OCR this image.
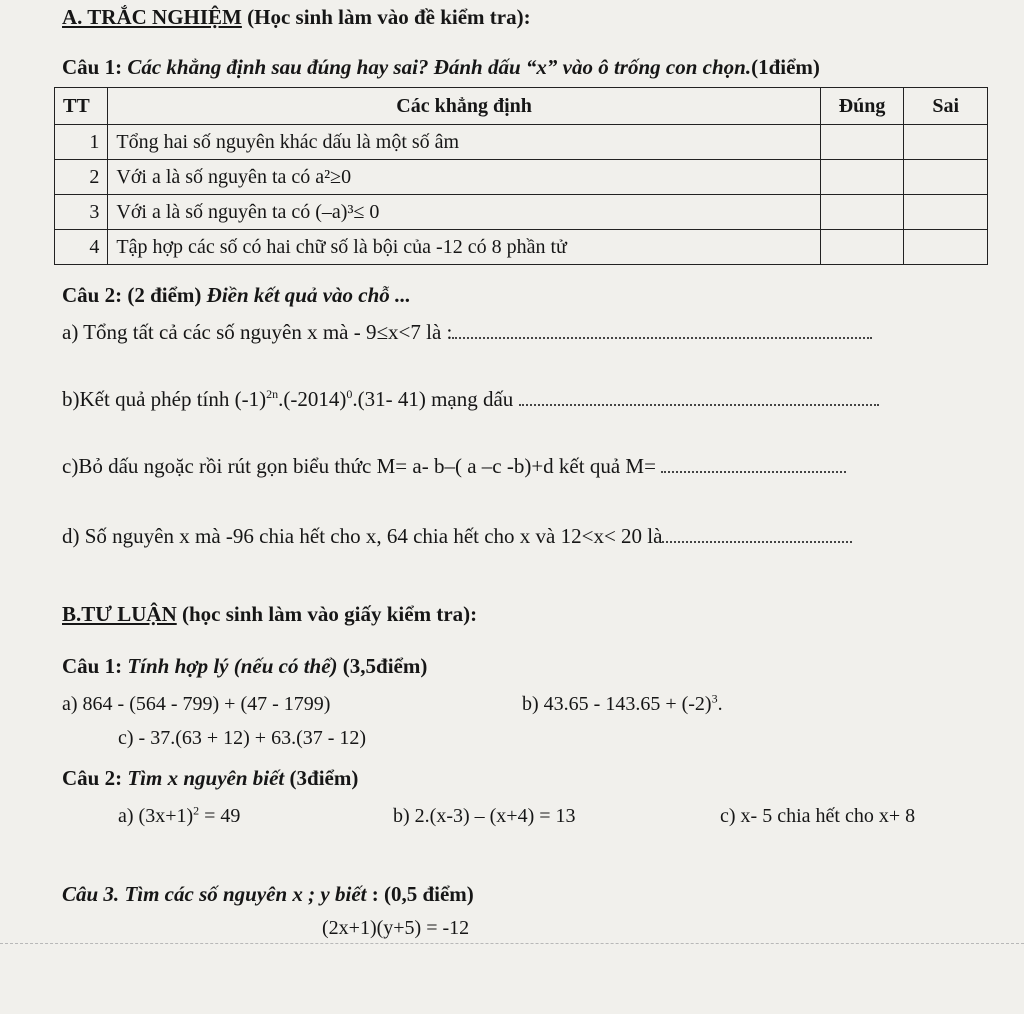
A. TRẮC NGHIỆM (Học sinh làm vào đề kiểm tra):
Câu 1: Các khẳng định sau đúng hay sai? Đánh dấu “x” vào ô trống con chọn.(1điểm)
TT	Các khẳng định	Đúng	Sai
1	Tổng hai số nguyên khác dấu là một số âm		
2	Với a là số nguyên ta có a²≥0		
3	Với a là số nguyên ta có (–a)³≤ 0		
4	Tập hợp các số có hai chữ số là bội của -12 có 8 phần tử		
Câu 2: (2 điểm) Điền kết quả vào chỗ ...
a) Tổng tất cả các số nguyên x mà - 9≤x<7 là :
b)Kết quả phép tính $(-1)^{2n}.(-2014)^0.(31-$ 41) mạng dấu
c)Bỏ dấu ngoặc rồi rút gọn biểu thức M= a- b–( a –c -b)+d kết quả M=
d) Số nguyên x mà -96 chia hết cho x, 64 chia hết cho x và 12<x< 20 là
B.TƯ LUẬN (học sinh làm vào giấy kiểm tra):
Câu 1: Tính hợp lý (nếu có thể) (3,5điểm)
a) 864 - (564 - 799) + (47 - 1799)	b) $43.65 - 143.65 + (-2)^3$.
c) - 37.(63 + 12) + 63.(37 - 12)
Câu 2: Tìm x nguyên biết (3điểm)
a) $(3x+1)^2 = 49$	b) 2.(x-3) – (x+4) = 13	c) x- 5 chia hết cho x+ 8
Câu 3. Tìm các số nguyên x ; y biết : (0,5 điểm)
(2x+1)(y+5) = -12
